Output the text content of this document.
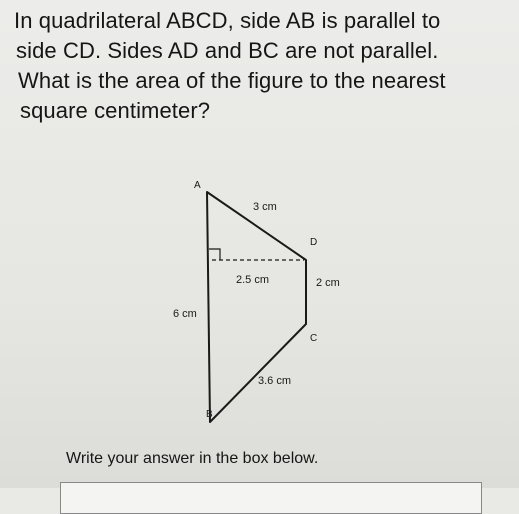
In quadrilateral ABCD, side AB is parallel to
side CD. Sides AD and BC are not parallel.
What is the area of the figure to the nearest
square centimeter?
A
D
C
B
3 cm
2.5 cm	2 cm
6 cm
3.6 cm
Write your answer in the box below.
